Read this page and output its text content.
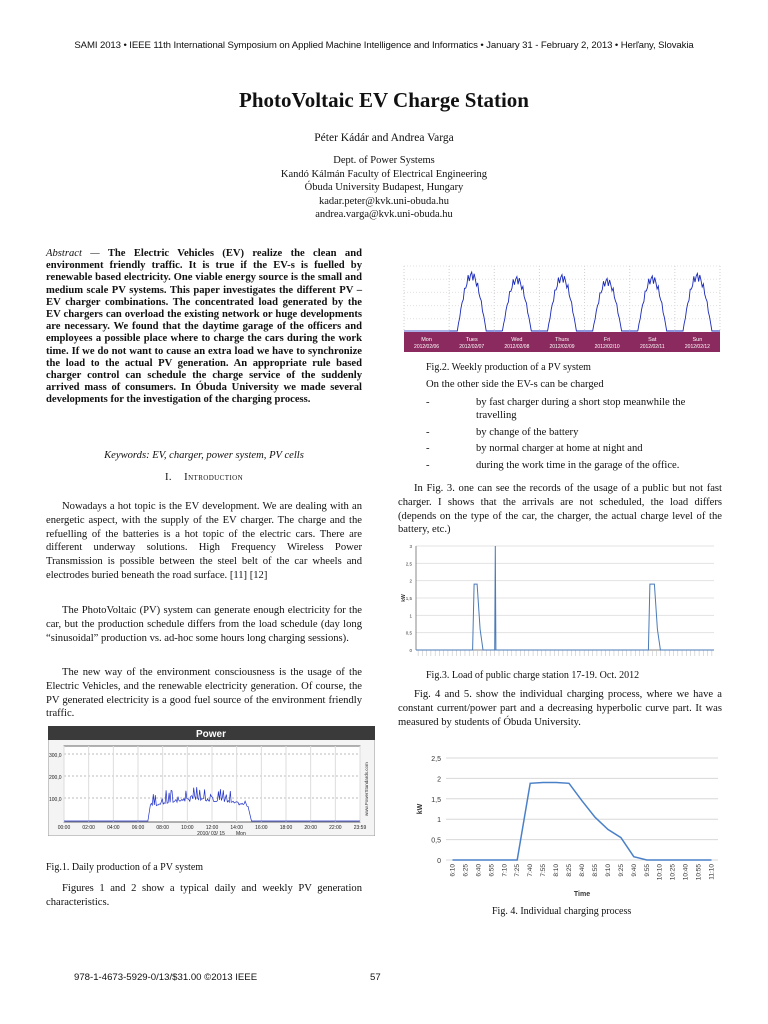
SAMI 2013 • IEEE 11th International Symposium on Applied Machine Intelligence and Informatics • January 31 - February 2, 2013 • Herľany, Slovakia
PhotoVoltaic EV Charge Station
Péter Kádár and Andrea Varga
Dept. of Power Systems
Kandó Kálmán Faculty of Electrical Engineering
Óbuda University Budapest, Hungary
kadar.peter@kvk.uni-obuda.hu
andrea.varga@kvk.uni-obuda.hu
Abstract — The Electric Vehicles (EV) realize the clean and environment friendly traffic. It is true if the EV-s is fuelled by renewable based electricity. One viable energy source is the small and medium scale PV systems. This paper investigates the different PV – EV charger combinations. The concentrated load generated by the EV chargers can overload the existing network or huge developments are necessary. We found that the daytime garage of the officers and employees a possible place where to charge the cars during the work time. If we do not want to cause an extra load we have to synchronize the load to the actual PV generation. An appropriate rule based charger control can schedule the charge service of the suddenly arrived mass of consumers. In Óbuda University we made several developments for the investigation of the charging process.
Keywords: EV, charger, power system, PV cells
I. Introduction

Nowadays a hot topic is the EV development. We are dealing with an energetic aspect, with the supply of the EV charger. The charge and the refuelling of the batteries is a hot topic of the electric cars. There are different underway solutions. High Frequency Wireless Power Transmission is possible between the steel belt of the car wheels and electrodes buried beneath the road surface. [11] [12]

The PhotoVoltaic (PV) system can generate enough electricity for the car, but the production schedule differs from the load schedule (day long “sinusoidal” production vs. ad-hoc some hours long charging sessions).

The new way of the environment consciousness is the usage of the Electric Vehicles, and the renewable electricity generation. Of course, the PV generated electricity is a good fuel source of the environment friendly traffic.

Power
300,0
200,0
100,0
00:00 02:00 04:00 06:00 08:00 10:00 12:00 14:00 16:00 18:00 20:00 22:00 23:59
2010/ 03/ 15 Mon
www.PowerStandards.com
Fig.1. Daily production of a PV system

Figures 1 and 2 show a typical daily and weekly PV generation characteristics.

Mon
2012/02/06
Tues
2012/02/07
Wed
2012/02/08
Thurs
2012/02/09
Fri
2012/02/10
Sat
2012/02/11
Sun
2012/02/12
Fig.2. Weekly production of a PV system
On the other side the EV-s can be charged
-	by fast charger during a short stop meanwhile the travelling
-	by change of the battery
-	by normal charger at home at night and
-	during the work time in the garage of the office.

In Fig. 3. one can see the records of the usage of a public but not fast charger. I shows that the arrivals are not scheduled, the load differs (depends on the type of the car, the charger, the actual charge level of the battery, etc.)

3
2,5
2
1,5
1
0,5
0
kW
Fig.3. Load of public charge station 17-19. Oct. 2012

Fig. 4 and 5. show the individual charging process, where we have a constant current/power part and a decreasing hyperbolic curve part. It was measured by students of Óbuda University.

0
0,5
1
1,5
2
2,5
kW
6:10 6:25 6:40 6:55 7:10 7:25 7:40 7:55 8:10 8:25 8:40 8:55 9:10 9:25 9:40 9:55 10:10 10:25 10:40 10:55 11:10
Time
Fig. 4. Individual charging process
978-1-4673-5929-0/13/$31.00 ©2013 IEEE	57
